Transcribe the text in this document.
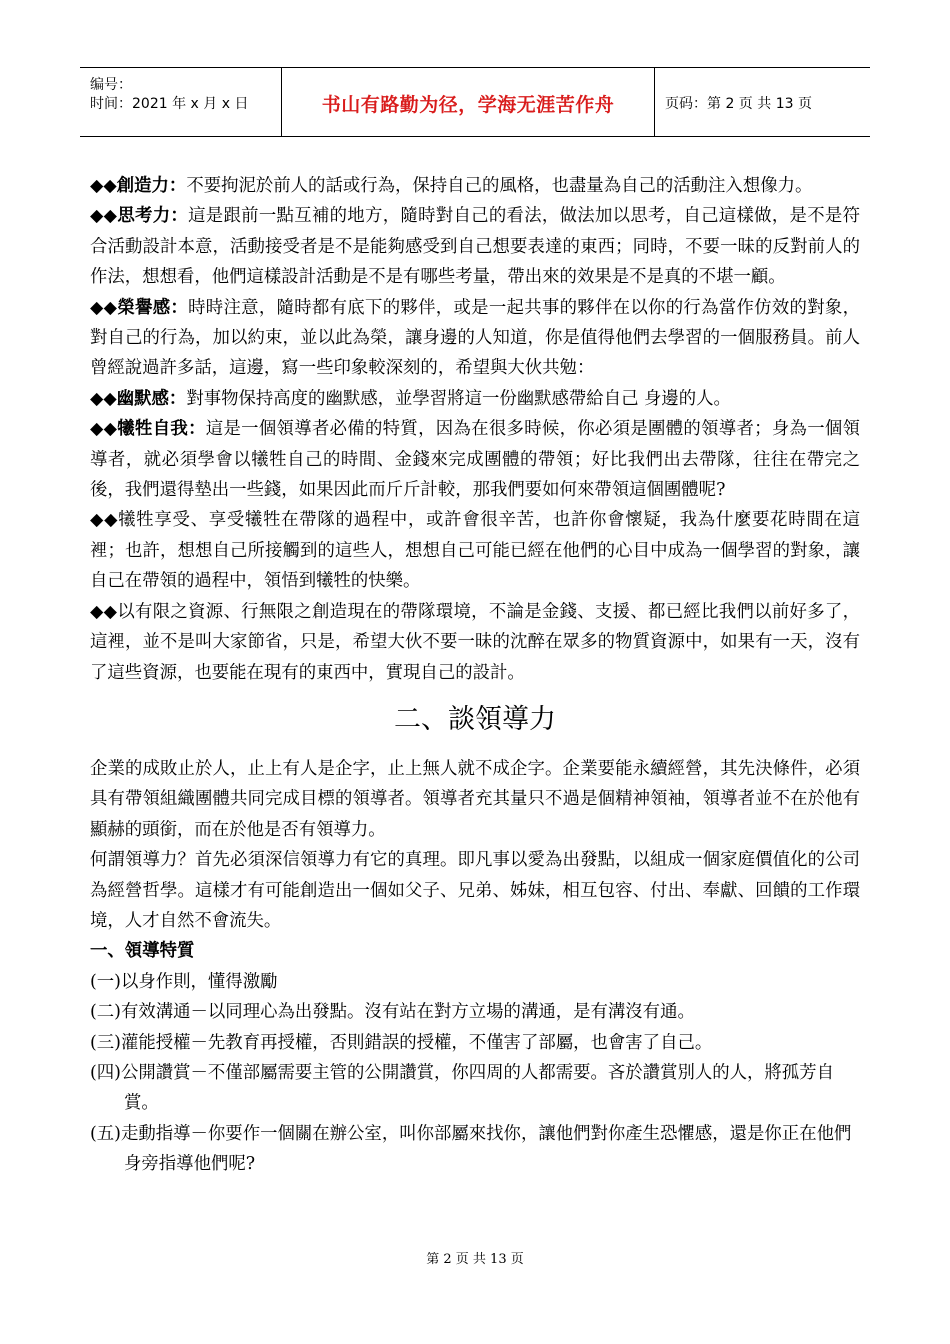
编号：
时间：2021 年 x 月 x 日	书山有路勤为径，学海无涯苦作舟	页码：第 2 页 共 13 页

◆◆創造力：不要拘泥於前人的話或行為，保持自己的風格，也盡量為自己的活動注入想像力。

◆◆思考力：這是跟前一點互補的地方，隨時對自己的看法，做法加以思考，自己這樣做，是不是符合活動設計本意，活動接受者是不是能夠感受到自己想要表達的東西；同時，不要一昧的反對前人的作法，想想看，他們這樣設計活動是不是有哪些考量，帶出來的效果是不是真的不堪一顧。

◆◆榮譽感：時時注意，隨時都有底下的夥伴，或是一起共事的夥伴在以你的行為當作仿效的對象，對自己的行為，加以約束，並以此為榮，讓身邊的人知道，你是值得他們去學習的一個服務員。前人曾經說過許多話，這邊，寫一些印象較深刻的，希望與大伙共勉：

◆◆幽默感：對事物保持高度的幽默感，並學習將這一份幽默感帶給自己 身邊的人。

◆◆犧牲自我：這是一個領導者必備的特質，因為在很多時候，你必須是團體的領導者；身為一個領導者，就必須學會以犧牲自己的時間、金錢來完成團體的帶領；好比我們出去帶隊，往往在帶完之後，我們還得墊出一些錢，如果因此而斤斤計較，那我們要如何來帶領這個團體呢?

◆◆犧牲享受、享受犧牲在帶隊的過程中，或許會很辛苦，也許你會懷疑，我為什麼要花時間在這裡；也許，想想自己所接觸到的這些人，想想自己可能已經在他們的心目中成為一個學習的對象，讓自己在帶領的過程中，領悟到犧牲的快樂。

◆◆以有限之資源、行無限之創造現在的帶隊環境，不論是金錢、支援、都已經比我們以前好多了，這裡，並不是叫大家節省，只是，希望大伙不要一昧的沈醉在眾多的物質資源中，如果有一天，沒有了這些資源，也要能在現有的東西中，實現自己的設計。

二、談領導力

企業的成敗止於人，止上有人是企字，止上無人就不成企字。企業要能永續經營，其先決條件，必須具有帶領組織團體共同完成目標的領導者。領導者充其量只不過是個精神領袖，領導者並不在於他有顯赫的頭銜，而在於他是否有領導力。

何謂領導力？首先必須深信領導力有它的真理。即凡事以愛為出發點，以組成一個家庭價值化的公司為經營哲學。這樣才有可能創造出一個如父子、兄弟、姊妹，相互包容、付出、奉獻、回饋的工作環境，人才自然不會流失。

一、領導特質

(一)以身作則，懂得激勵

(二)有效溝通－以同理心為出發點。沒有站在對方立場的溝通，是有溝沒有通。

(三)灌能授權－先教育再授權，否則錯誤的授權，不僅害了部屬，也會害了自己。

(四)公開讚賞－不僅部屬需要主管的公開讚賞，你四周的人都需要。吝於讚賞別人的人，將孤芳自賞。

(五)走動指導－你要作一個關在辦公室，叫你部屬來找你，讓他們對你產生恐懼感，還是你正在他們身旁指導他們呢?

第 2 页 共 13 页
